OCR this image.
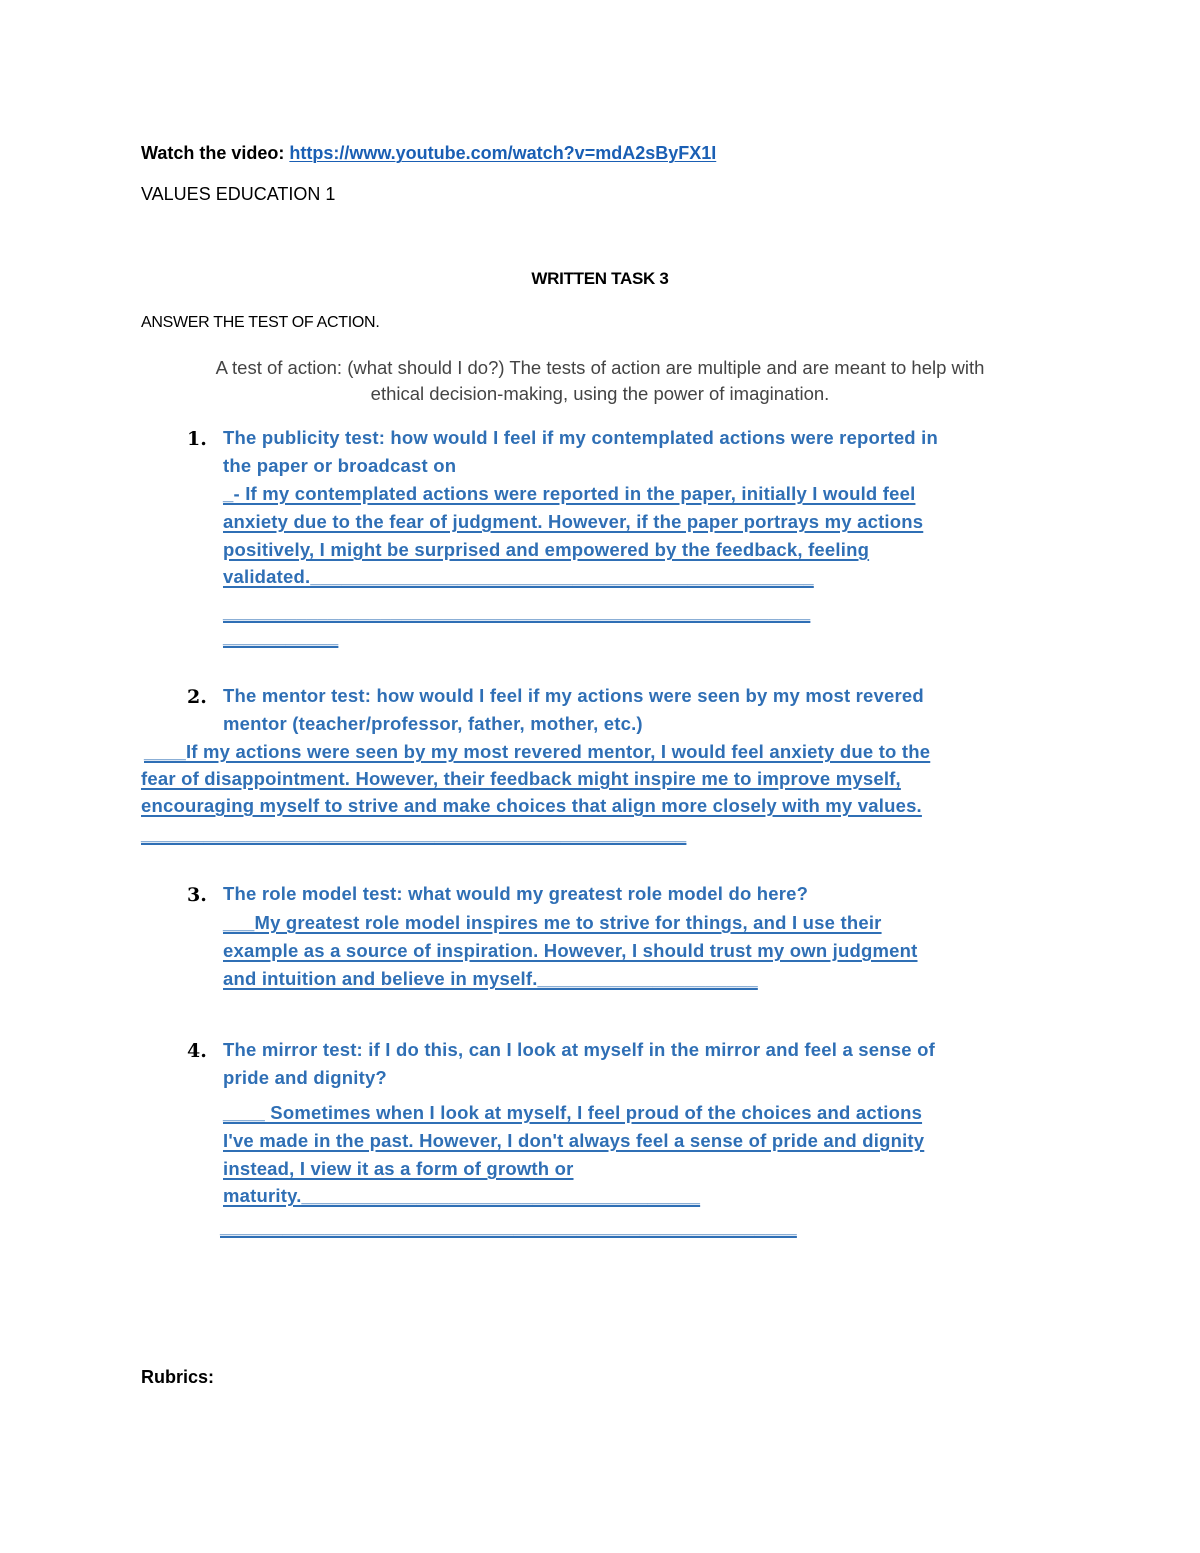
Watch the video: https://www.youtube.com/watch?v=mdA2sByFX1I
VALUES EDUCATION 1
WRITTEN TASK 3
ANSWER THE TEST OF ACTION.
A test of action: (what should I do?) The tests of action are multiple and are meant to help with
ethical decision-making, using the power of imagination.
1. The publicity test: how would I feel if my contemplated actions were reported in
the paper or broadcast on
_- If my contemplated actions were reported in the paper, initially I would feel
anxiety due to the fear of judgment. However, if the paper portrays my actions
positively, I might be surprised and empowered by the feedback, feeling
validated.________________________________________________
________________________________________________________
___________
2. The mentor test: how would I feel if my actions were seen by my most revered
mentor (teacher/professor, father, mother, etc.)
____If my actions were seen by my most revered mentor, I would feel anxiety due to the
fear of disappointment. However, their feedback might inspire me to improve myself,
encouraging myself to strive and make choices that align more closely with my values.
____________________________________________________
3. The role model test: what would my greatest role model do here?
___My greatest role model inspires me to strive for things, and I use their
example as a source of inspiration. However, I should trust my own judgment
and intuition and believe in myself._____________________
4. The mirror test: if I do this, can I look at myself in the mirror and feel a sense of
pride and dignity?
____ Sometimes when I look at myself, I feel proud of the choices and actions
I've made in the past. However, I don't always feel a sense of pride and dignity
instead, I view it as a form of growth or
maturity.______________________________________
_______________________________________________________
Rubrics:
